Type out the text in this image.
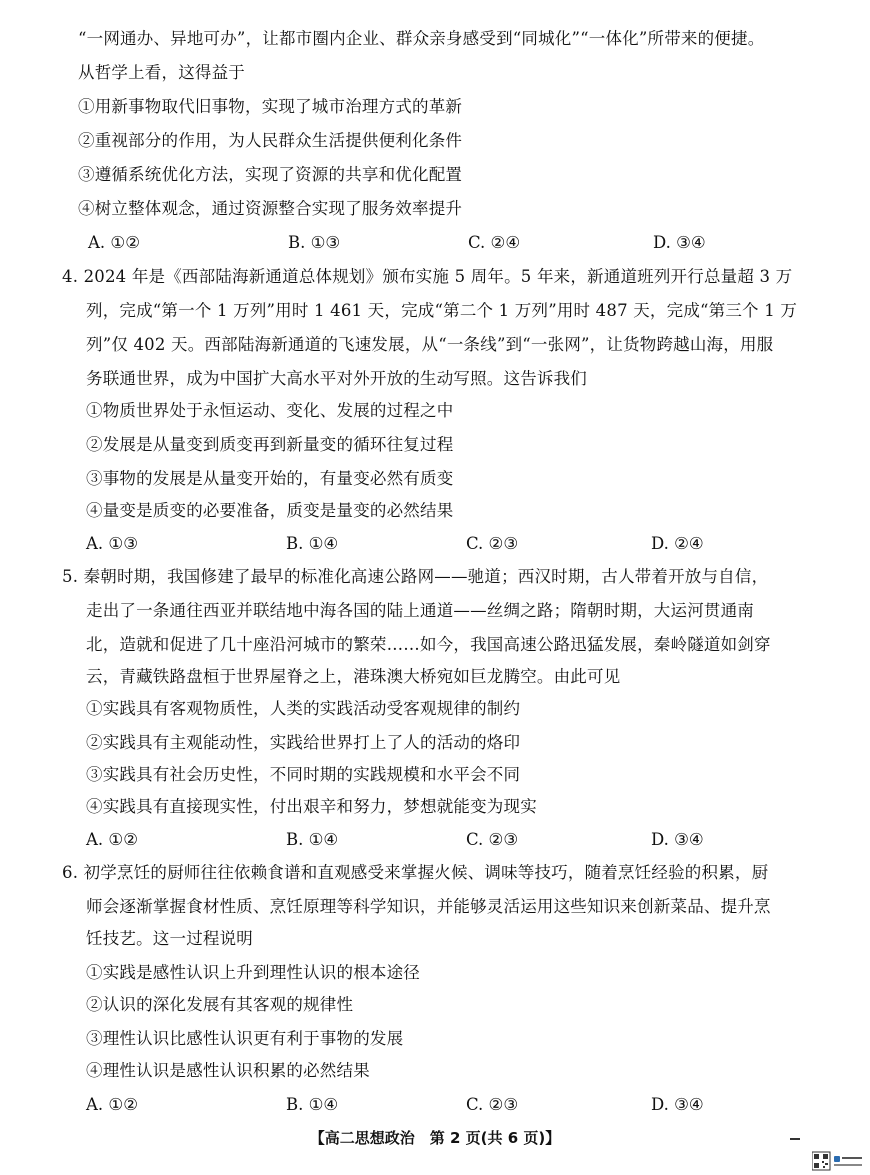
“一网通办、异地可办”，让都市圈内企业、群众亲身感受到“同城化”“一体化”所带来的便捷。
从哲学上看，这得益于
①用新事物取代旧事物，实现了城市治理方式的革新
②重视部分的作用，为人民群众生活提供便利化条件
③遵循系统优化方法，实现了资源的共享和优化配置
④树立整体观念，通过资源整合实现了服务效率提升
A. ①②	B. ①③	C. ②④	D. ③④
4. 2024 年是《西部陆海新通道总体规划》颁布实施 5 周年。5 年来，新通道班列开行总量超 3 万
列，完成“第一个 1 万列”用时 1 461 天，完成“第二个 1 万列”用时 487 天，完成“第三个 1 万
列”仅 402 天。西部陆海新通道的飞速发展，从“一条线”到“一张网”，让货物跨越山海，用服
务联通世界，成为中国扩大高水平对外开放的生动写照。这告诉我们
①物质世界处于永恒运动、变化、发展的过程之中
②发展是从量变到质变再到新量变的循环往复过程
③事物的发展是从量变开始的，有量变必然有质变
④量变是质变的必要准备，质变是量变的必然结果
A. ①③	B. ①④	C. ②③	D. ②④
5. 秦朝时期，我国修建了最早的标准化高速公路网——驰道；西汉时期，古人带着开放与自信，
走出了一条通往西亚并联结地中海各国的陆上通道——丝绸之路；隋朝时期，大运河贯通南
北，造就和促进了几十座沿河城市的繁荣……如今，我国高速公路迅猛发展，秦岭隧道如剑穿
云，青藏铁路盘桓于世界屋脊之上，港珠澳大桥宛如巨龙腾空。由此可见
①实践具有客观物质性，人类的实践活动受客观规律的制约
②实践具有主观能动性，实践给世界打上了人的活动的烙印
③实践具有社会历史性，不同时期的实践规模和水平会不同
④实践具有直接现实性，付出艰辛和努力，梦想就能变为现实
A. ①②	B. ①④	C. ②③	D. ③④
6. 初学烹饪的厨师往往依赖食谱和直观感受来掌握火候、调味等技巧，随着烹饪经验的积累，厨
师会逐渐掌握食材性质、烹饪原理等科学知识，并能够灵活运用这些知识来创新菜品、提升烹
饪技艺。这一过程说明
①实践是感性认识上升到理性认识的根本途径
②认识的深化发展有其客观的规律性
③理性认识比感性认识更有利于事物的发展
④理性认识是感性认识积累的必然结果
A. ①②	B. ①④	C. ②③	D. ③④
【高二思想政治　第 2 页(共 6 页)】
